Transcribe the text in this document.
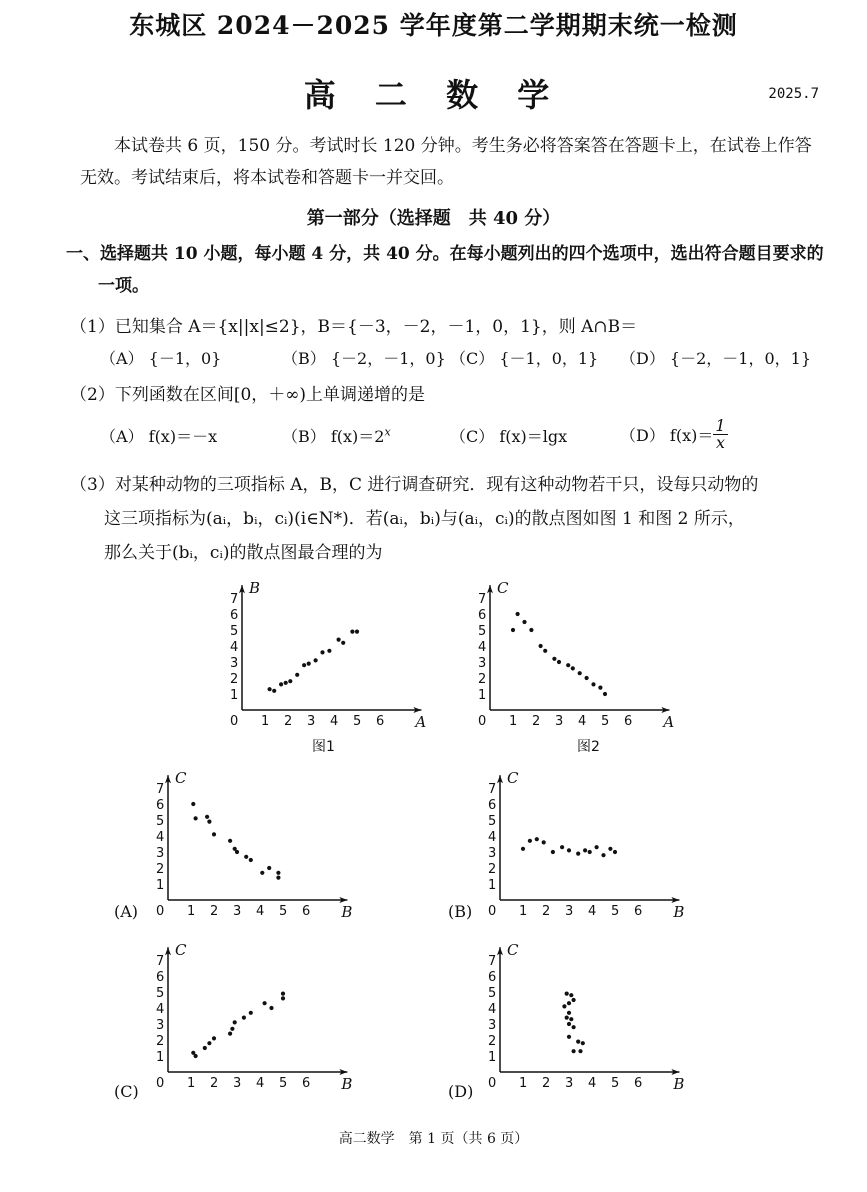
东城区 2024－2025 学年度第二学期期末统一检测
高 二 数 学	2025.7
本试卷共 6 页，150 分。考试时长 120 分钟。考生务必将答案答在答题卡上，在试卷上作答无效。考试结束后，将本试卷和答题卡一并交回。
第一部分（选择题　共 40 分）
一、选择题共 10 小题，每小题 4 分，共 40 分。在每小题列出的四个选项中，选出符合题目要求的一项。
（1）已知集合 A＝{x||x|≤2}，B＝{－3，－2，－1，0，1}，则 A∩B＝
（A） {－1，0}	（B） {－2，－1，0} （C） {－1，0，1} （D） {－2，－1，0，1}
（2）下列函数在区间[0，＋∞)上单调递增的是
（A） f(x)＝－x	（B） $f(x)=2^x$	（C） f(x)＝lgx	（D） $f(x)= \frac{1}{x}$
（3）对某种动物的三项指标 A，B，C 进行调查研究．现有这种动物若干只，设每只动物的
这三项指标为(aᵢ，bᵢ，cᵢ)(i∈N*)．若(aᵢ，bᵢ)与(aᵢ，cᵢ)的散点图如图 1 和图 2 所示，
那么关于(bᵢ，cᵢ)的散点图最合理的为
0 1 2 3 4 5 6
1
2
3
4
5
6
7
A
B
图1
0 1 2 3 4 5 6
1
2
3
4
5
6
7
A
C
图2
0 1 2 3 4 5 6
1
2
3
4
5
6
7
B
C
(A)	0 1 2 3 4 5 6
1
2
3
4
5
6
7
B
C
(B)
0 1 2 3 4 5 6
1
2
3
4
5
6
7
B
C
(C)	0 1 2 3 4 5 6
1
2
3
4
5
6
7
B
C
(D)
高二数学　第 1 页（共 6 页）
